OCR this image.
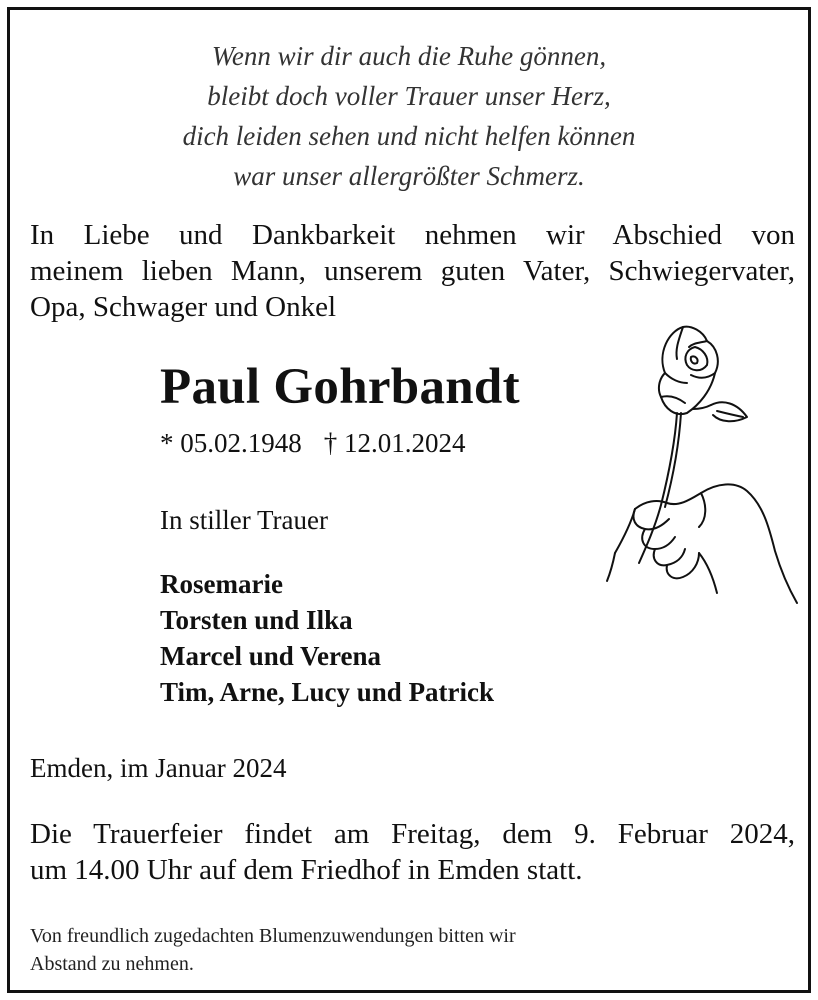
Wenn wir dir auch die Ruhe gönnen,
bleibt doch voller Trauer unser Herz,
dich leiden sehen und nicht helfen können
war unser allergrößter Schmerz.
In Liebe und Dankbarkeit nehmen wir Abschied von
meinem lieben Mann, unserem guten Vater, Schwiegervater,
Opa, Schwager und Onkel
Paul Gohrbandt
* 05.02.1948 † 12.01.2024
In stiller Trauer
Rosemarie
Torsten und Ilka
Marcel und Verena
Tim, Arne, Lucy und Patrick
Emden, im Januar 2024
Die Trauerfeier findet am Freitag, dem 9. Februar 2024,
um 14.00 Uhr auf dem Friedhof in Emden statt.
Von freundlich zugedachten Blumenzuwendungen bitten wir
Abstand zu nehmen.
